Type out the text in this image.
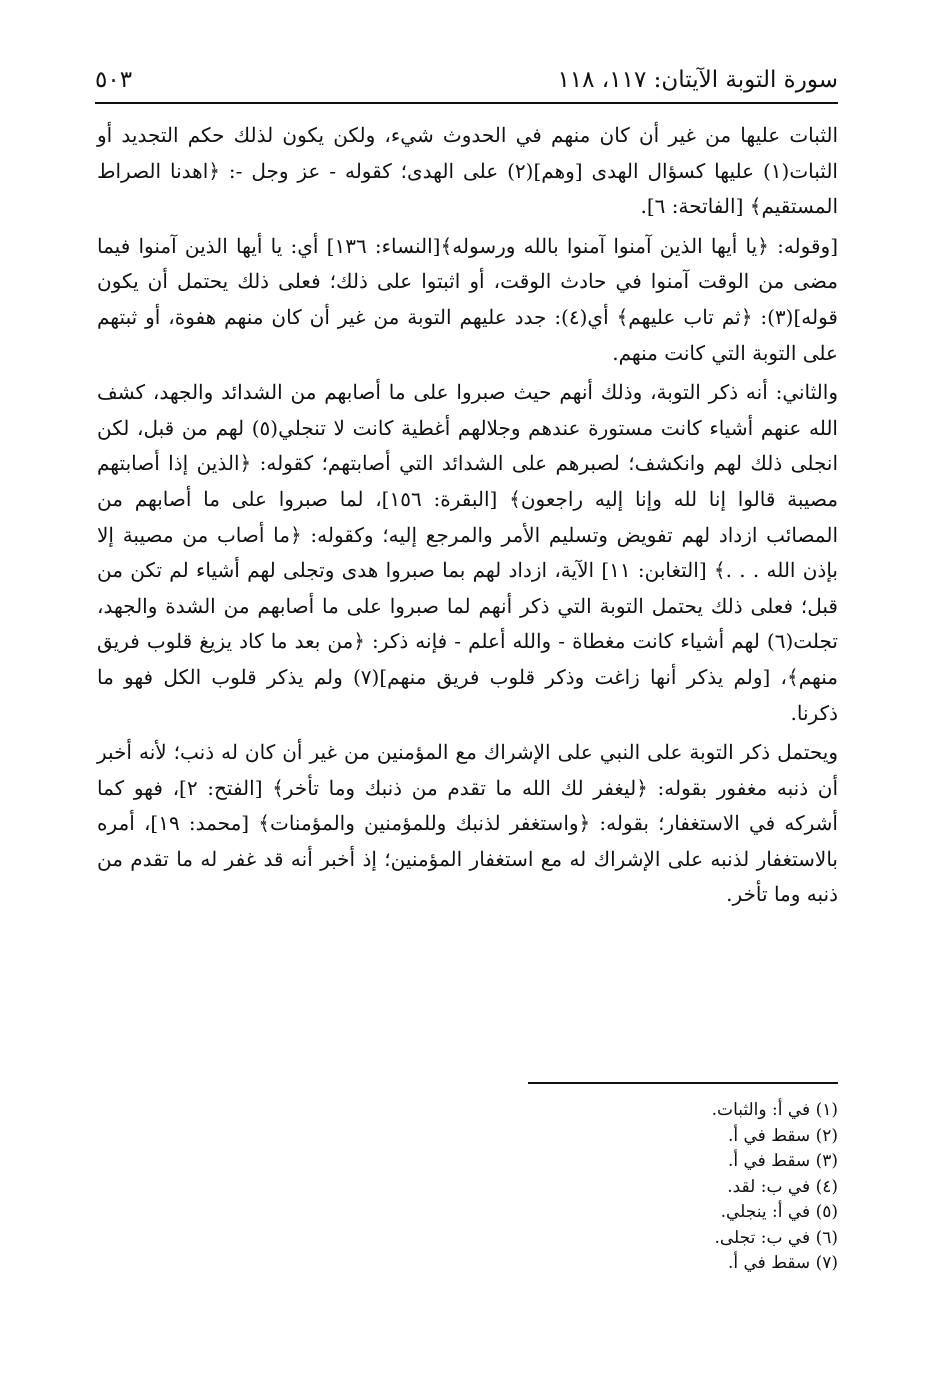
٥٠٣	سورة التوبة الآيتان: ١١٧، ١١٨

الثبات عليها من غير أن كان منهم في الحدوث شيء، ولكن يكون لذلك حكم التجديد أو الثبات(١) عليها كسؤال الهدى [وهم](٢) على الهدى؛ كقوله - عز وجل -: ﴿اهدنا الصراط المستقيم﴾ [الفاتحة: ٦].

[وقوله: ﴿يا أيها الذين آمنوا آمنوا بالله ورسوله﴾[النساء: ١٣٦] أي: يا أيها الذين آمنوا فيما مضى من الوقت آمنوا في حادث الوقت، أو اثبتوا على ذلك؛ فعلى ذلك يحتمل أن يكون قوله](٣): ﴿ثم تاب عليهم﴾ أي(٤): جدد عليهم التوبة من غير أن كان منهم هفوة، أو ثبتهم على التوبة التي كانت منهم.

والثاني: أنه ذكر التوبة، وذلك أنهم حيث صبروا على ما أصابهم من الشدائد والجهد، كشف الله عنهم أشياء كانت مستورة عندهم وجلالهم أغطية كانت لا تنجلي(٥) لهم من قبل، لكن انجلى ذلك لهم وانكشف؛ لصبرهم على الشدائد التي أصابتهم؛ كقوله: ﴿الذين إذا أصابتهم مصيبة قالوا إنا لله وإنا إليه راجعون﴾ [البقرة: ١٥٦]، لما صبروا على ما أصابهم من المصائب ازداد لهم تفويض وتسليم الأمر والمرجع إليه؛ وكقوله: ﴿ما أصاب من مصيبة إلا بإذن الله . . .﴾ [التغابن: ١١] الآية، ازداد لهم بما صبروا هدى وتجلى لهم أشياء لم تكن من قبل؛ فعلى ذلك يحتمل التوبة التي ذكر أنهم لما صبروا على ما أصابهم من الشدة والجهد، تجلت(٦) لهم أشياء كانت مغطاة - والله أعلم - فإنه ذكر: ﴿من بعد ما كاد يزيغ قلوب فريق منهم﴾، [ولم يذكر أنها زاغت وذكر قلوب فريق منهم](٧) ولم يذكر قلوب الكل فهو ما ذكرنا.

ويحتمل ذكر التوبة على النبي على الإشراك مع المؤمنين من غير أن كان له ذنب؛ لأنه أخبر أن ذنبه مغفور بقوله: ﴿ليغفر لك الله ما تقدم من ذنبك وما تأخر﴾ [الفتح: ٢]، فهو كما أشركه في الاستغفار؛ بقوله: ﴿واستغفر لذنبك وللمؤمنين والمؤمنات﴾ [محمد: ١٩]، أمره بالاستغفار لذنبه على الإشراك له مع استغفار المؤمنين؛ إذ أخبر أنه قد غفر له ما تقدم من ذنبه وما تأخر.

(١) في أ: والثبات.
(٢) سقط في أ.
(٣) سقط في أ.
(٤) في ب: لقد.
(٥) في أ: ينجلي.
(٦) في ب: تجلى.
(٧) سقط في أ.
